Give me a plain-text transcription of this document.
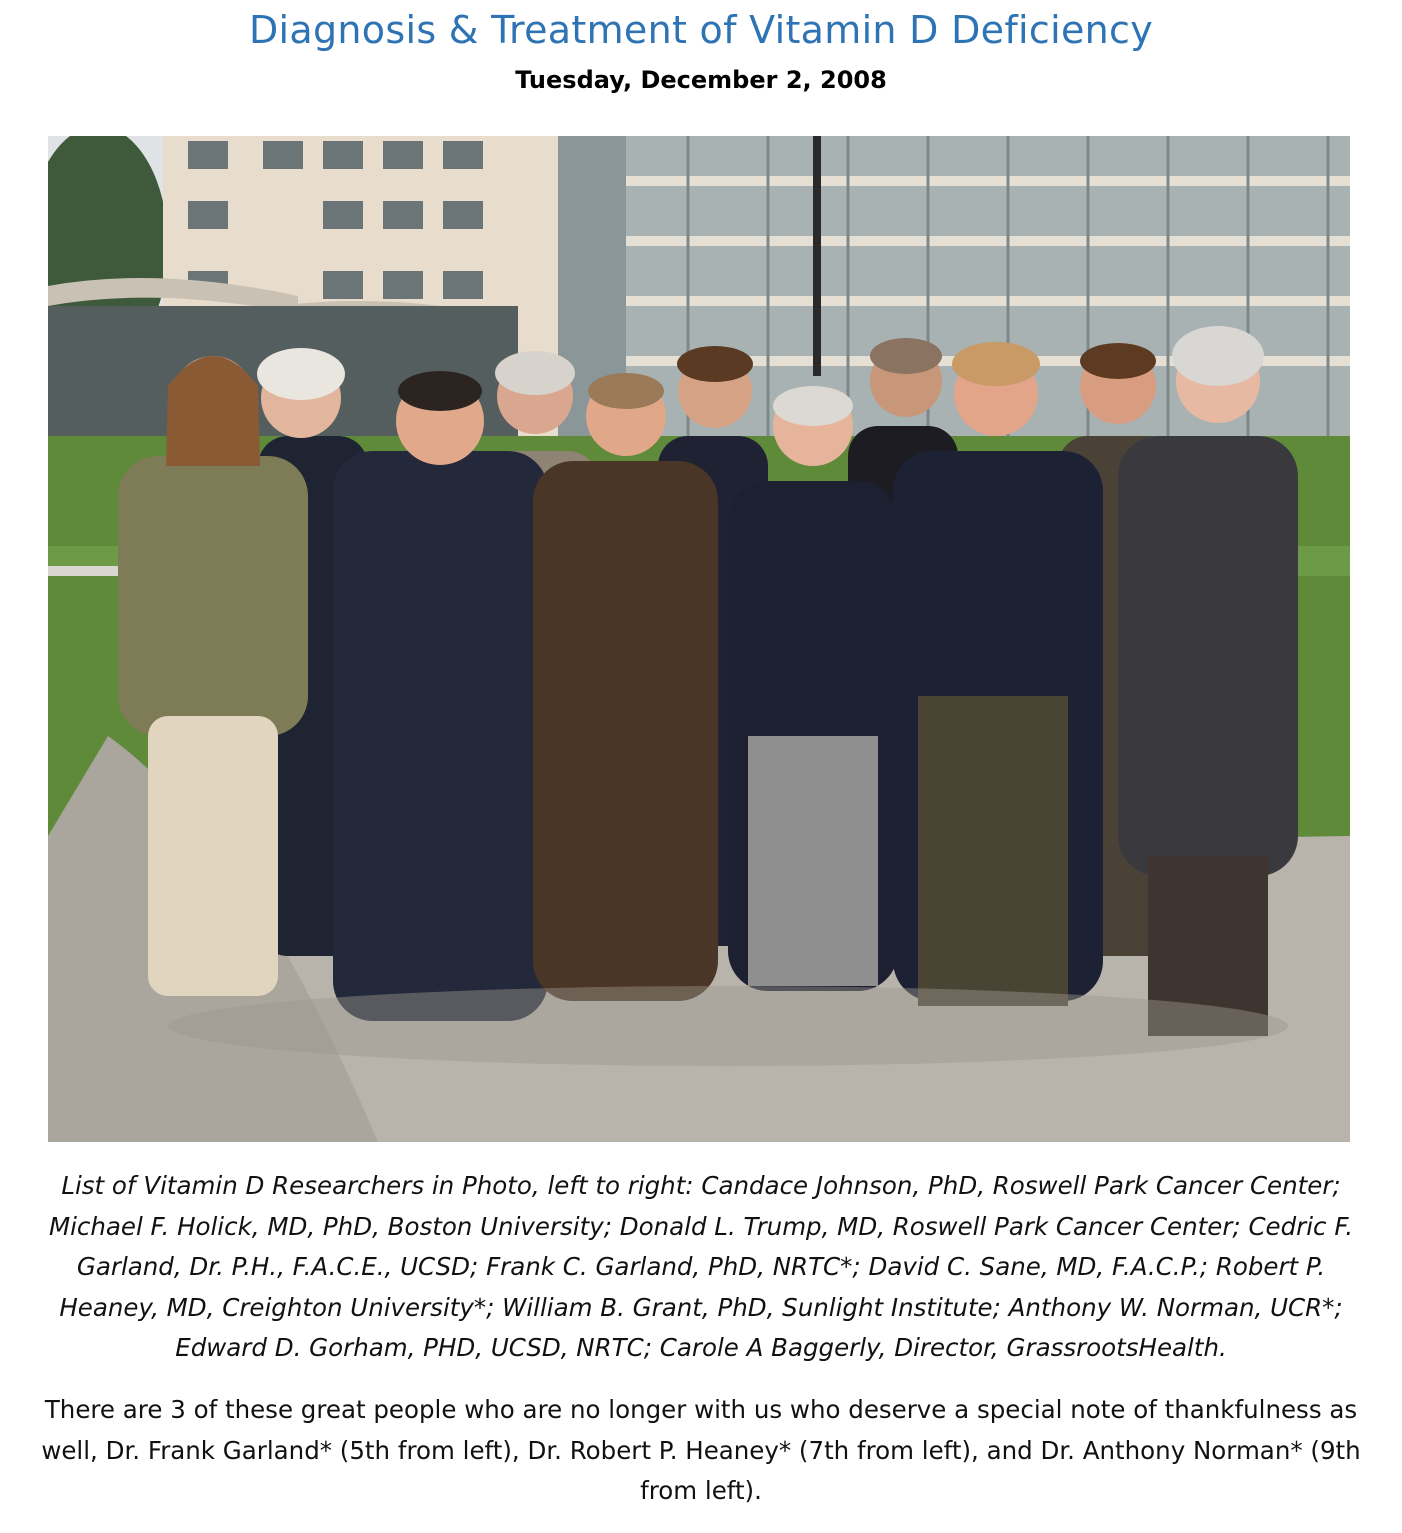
Diagnosis & Treatment of Vitamin D Deficiency
Tuesday, December 2, 2008
List of Vitamin D Researchers in Photo, left to right: Candace Johnson, PhD, Roswell Park Cancer Center; Michael F. Holick, MD, PhD, Boston University; Donald L. Trump, MD, Roswell Park Cancer Center; Cedric F. Garland, Dr. P.H., F.A.C.E., UCSD; Frank C. Garland, PhD, NRTC*; David C. Sane, MD, F.A.C.P.; Robert P. Heaney, MD, Creighton University*; William B. Grant, PhD, Sunlight Institute; Anthony W. Norman, UCR*; Edward D. Gorham, PHD, UCSD, NRTC; Carole A Baggerly, Director, GrassrootsHealth.
There are 3 of these great people who are no longer with us who deserve a special note of thankfulness as well, Dr. Frank Garland* (5th from left), Dr. Robert P. Heaney* (7th from left), and Dr. Anthony Norman* (9th from left).
